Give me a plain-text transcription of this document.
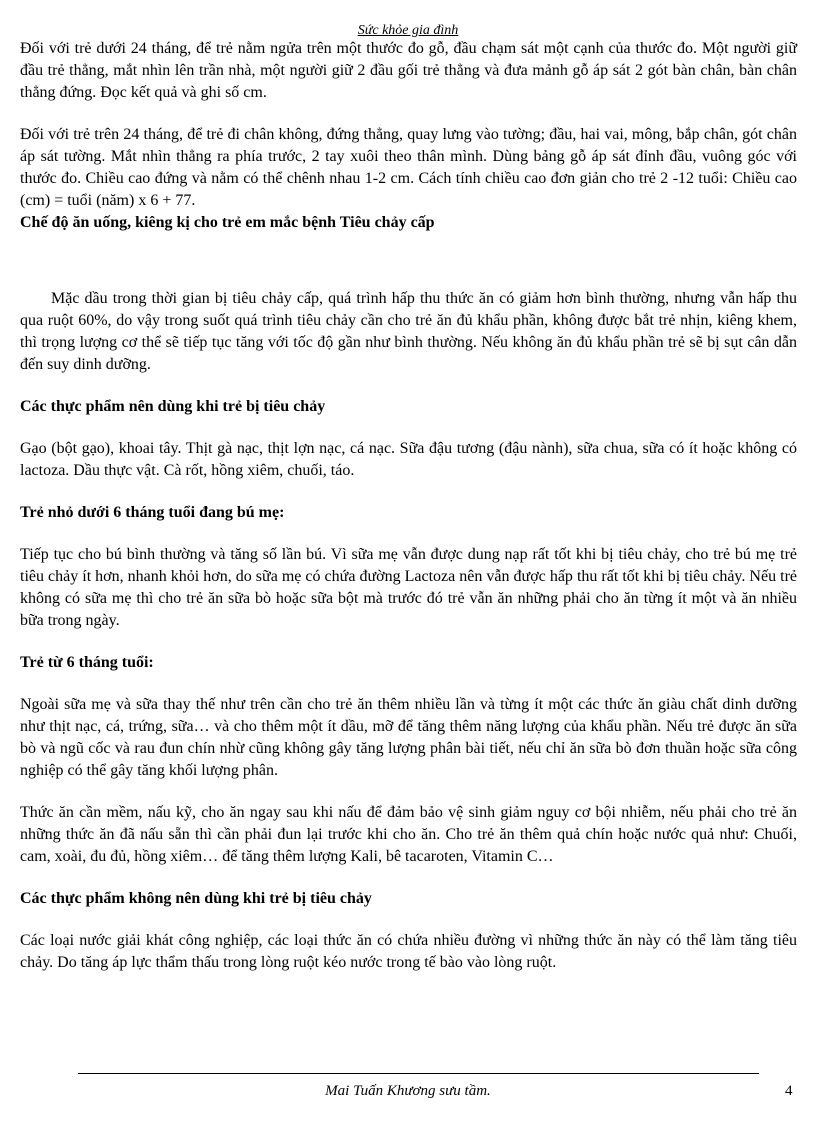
Sức khỏe gia đình

Đối với trẻ dưới 24 tháng, để trẻ nằm ngửa trên một thước đo gỗ, đầu chạm sát một cạnh của thước đo. Một người giữ đầu trẻ thẳng, mắt nhìn lên trần nhà, một người giữ 2 đầu gối trẻ thẳng và đưa mảnh gỗ áp sát 2 gót bàn chân, bàn chân thẳng đứng. Đọc kết quả và ghi số cm.

Đối với trẻ trên 24 tháng, để trẻ đi chân không, đứng thẳng, quay lưng vào tường; đầu, hai vai, mông, bắp chân, gót chân áp sát tường. Mắt nhìn thẳng ra phía trước, 2 tay xuôi theo thân mình. Dùng bảng gỗ áp sát đỉnh đầu, vuông góc với thước đo. Chiều cao đứng và nằm có thể chênh nhau 1-2 cm. Cách tính chiều cao đơn giản cho trẻ 2 -12 tuổi: Chiều cao (cm) = tuổi (năm) x 6 + 77.

Chế độ ăn uống, kiêng kị cho trẻ em mắc bệnh Tiêu chảy cấp

Mặc dầu trong thời gian bị tiêu chảy cấp, quá trình hấp thu thức ăn có giảm hơn bình thường, nhưng vẫn hấp thu qua ruột 60%, do vậy trong suốt quá trình tiêu chảy cần cho trẻ ăn đủ khẩu phần, không được bắt trẻ nhịn, kiêng khem, thì trọng lượng cơ thể sẽ tiếp tục tăng với tốc độ gần như bình thường. Nếu không ăn đủ khẩu phần trẻ sẽ bị sụt cân dẫn đến suy dinh dưỡng.

Các thực phẩm nên dùng khi trẻ bị tiêu chảy

Gạo (bột gạo), khoai tây. Thịt gà nạc, thịt lợn nạc, cá nạc. Sữa đậu tương (đậu nành), sữa chua, sữa có ít hoặc không có lactoza. Dầu thực vật. Cà rốt, hồng xiêm, chuối, táo.

Trẻ nhỏ dưới 6 tháng tuổi đang bú mẹ:

Tiếp tục cho bú bình thường và tăng số lần bú. Vì sữa mẹ vẫn được dung nạp rất tốt khi bị tiêu chảy, cho trẻ bú mẹ trẻ tiêu chảy ít hơn, nhanh khỏi hơn, do sữa mẹ có chứa đường Lactoza nên vẫn được hấp thu rất tốt khi bị tiêu chảy. Nếu trẻ không có sữa mẹ thì cho trẻ ăn sữa bò hoặc sữa bột mà trước đó trẻ vẫn ăn những phải cho ăn từng ít một và ăn nhiều bữa trong ngày.

Trẻ từ 6 tháng tuổi:

Ngoài sữa mẹ và sữa thay thế như trên cần cho trẻ ăn thêm nhiều lần và từng ít một các thức ăn giàu chất dinh dưỡng như thịt nạc, cá, trứng, sữa… và cho thêm một ít dầu, mỡ để tăng thêm năng lượng của khẩu phần. Nếu trẻ được ăn sữa bò và ngũ cốc và rau đun chín nhừ cũng không gây tăng lượng phân bài tiết, nếu chỉ ăn sữa bò đơn thuần hoặc sữa công nghiệp có thể gây tăng khối lượng phân.

Thức ăn cần mềm, nấu kỹ, cho ăn ngay sau khi nấu để đảm bảo vệ sinh giảm nguy cơ bội nhiễm, nếu phải cho trẻ ăn những thức ăn đã nấu sẵn thì cần phải đun lại trước khi cho ăn. Cho trẻ ăn thêm quả chín hoặc nước quả như: Chuối, cam, xoài, đu đủ, hồng xiêm… để tăng thêm lượng Kali, bê tacaroten, Vitamin C…

Các thực phẩm không nên dùng khi trẻ bị tiêu chảy

Các loại nước giải khát công nghiệp, các loại thức ăn có chứa nhiều đường vì những thức ăn này có thể làm tăng tiêu chảy. Do tăng áp lực thẩm thấu trong lòng ruột kéo nước trong tế bào vào lòng ruột.

Mai Tuấn Khương sưu tầm.	4
